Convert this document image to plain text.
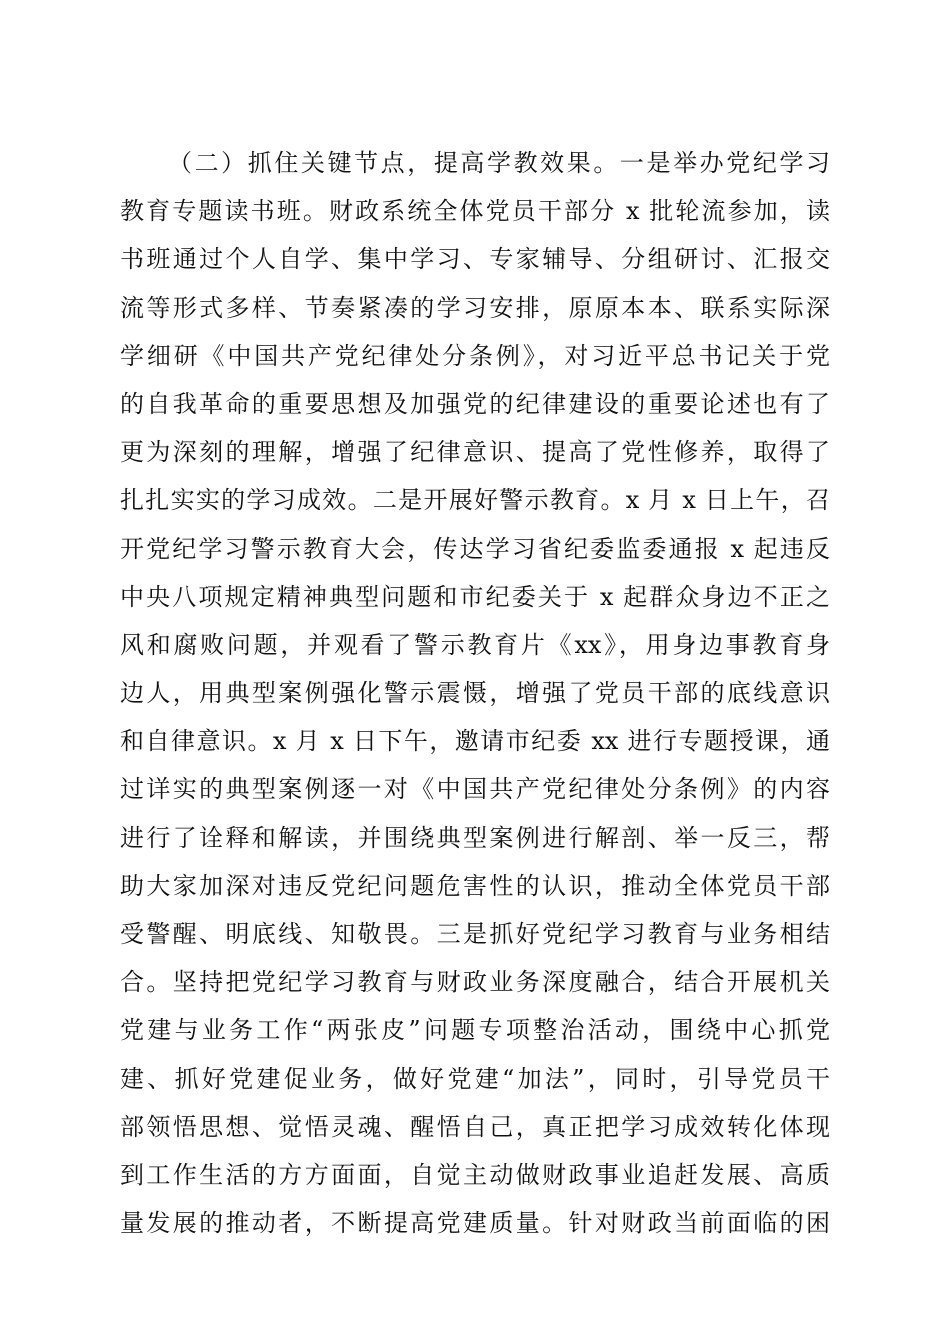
（二）抓住关键节点，提高学教效果。一是举办党纪学习
教育专题读书班。财政系统全体党员干部分 x 批轮流参加，读
书班通过个人自学、集中学习、专家辅导、分组研讨、汇报交
流等形式多样、节奏紧凑的学习安排，原原本本、联系实际深
学细研《中国共产党纪律处分条例》，对习近平总书记关于党
的自我革命的重要思想及加强党的纪律建设的重要论述也有了
更为深刻的理解，增强了纪律意识、提高了党性修养，取得了
扎扎实实的学习成效。二是开展好警示教育。x 月 x 日上午，召
开党纪学习警示教育大会，传达学习省纪委监委通报 x 起违反
中央八项规定精神典型问题和市纪委关于 x 起群众身边不正之
风和腐败问题，并观看了警示教育片《xx》，用身边事教育身
边人，用典型案例强化警示震慑，增强了党员干部的底线意识
和自律意识。x 月 x 日下午，邀请市纪委 xx 进行专题授课，通
过详实的典型案例逐一对《中国共产党纪律处分条例》的内容
进行了诠释和解读，并围绕典型案例进行解剖、举一反三，帮
助大家加深对违反党纪问题危害性的认识，推动全体党员干部
受警醒、明底线、知敬畏。三是抓好党纪学习教育与业务相结
合。坚持把党纪学习教育与财政业务深度融合，结合开展机关
党建与业务工作“两张皮”问题专项整治活动，围绕中心抓党
建、抓好党建促业务，做好党建“加法”，同时，引导党员干
部领悟思想、觉悟灵魂、醒悟自己，真正把学习成效转化体现
到工作生活的方方面面，自觉主动做财政事业追赶发展、高质
量发展的推动者，不断提高党建质量。针对财政当前面临的困
